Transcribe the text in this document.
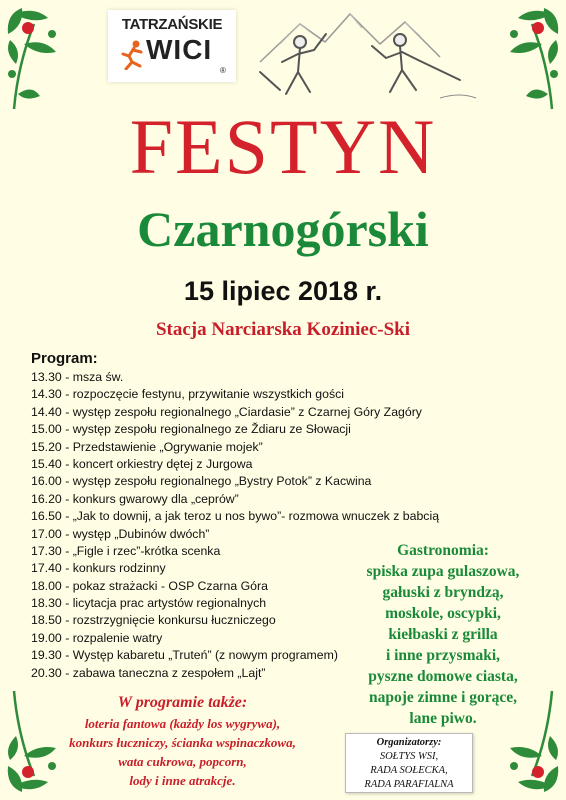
TATRZAŃSKIE
WICI
®
FESTYN
Czarnogórski
15 lipiec 2018 r.
Stacja Narciarska Koziniec-Ski
Program:
13.30 - msza św.
14.30 - rozpoczęcie festynu, przywitanie wszystkich gości
14.40 - występ zespołu regionalnego „Ciardasie” z Czarnej Góry Zagóry
15.00 - występ zespołu regionalnego ze Ždiaru ze Słowacji
15.20 - Przedstawienie „Ogrywanie mojek”
15.40 - koncert orkiestry dętej z Jurgowa
16.00 - występ zespołu regionalnego „Bystry Potok” z Kacwina
16.20 - konkurs gwarowy dla „ceprów”
16.50 - „Jak to downij, a jak teroz u nos bywo”- rozmowa wnuczek z babcią
17.00 - występ „Dubinów dwóch”
17.30 - „Figle i rzec”-krótka scenka
17.40 - konkurs rodzinny
18.00 - pokaz strażacki - OSP Czarna Góra
18.30 - licytacja prac artystów regionalnych
18.50 - rozstrzygnięcie konkursu łuczniczego
19.00 - rozpalenie watry
19.30 - Występ kabaretu „Truteń” (z nowym programem)
20.30 - zabawa taneczna z zespołem „Lajt”
Gastronomia:
spiska zupa gulaszowa,
gałuski z bryndzą,
moskole, oscypki,
kiełbaski z grilla
i inne przysmaki,
pyszne domowe ciasta,
napoje zimne i gorące,
lane piwo.
W programie także:
loteria fantowa (każdy los wygrywa),
konkurs łuczniczy, ścianka wspinaczkowa,
wata cukrowa, popcorn,
lody i inne atrakcje.
Organizatorzy:
SOŁTYS WSI,
RADA SOŁECKA,
RADA PARAFIALNA
